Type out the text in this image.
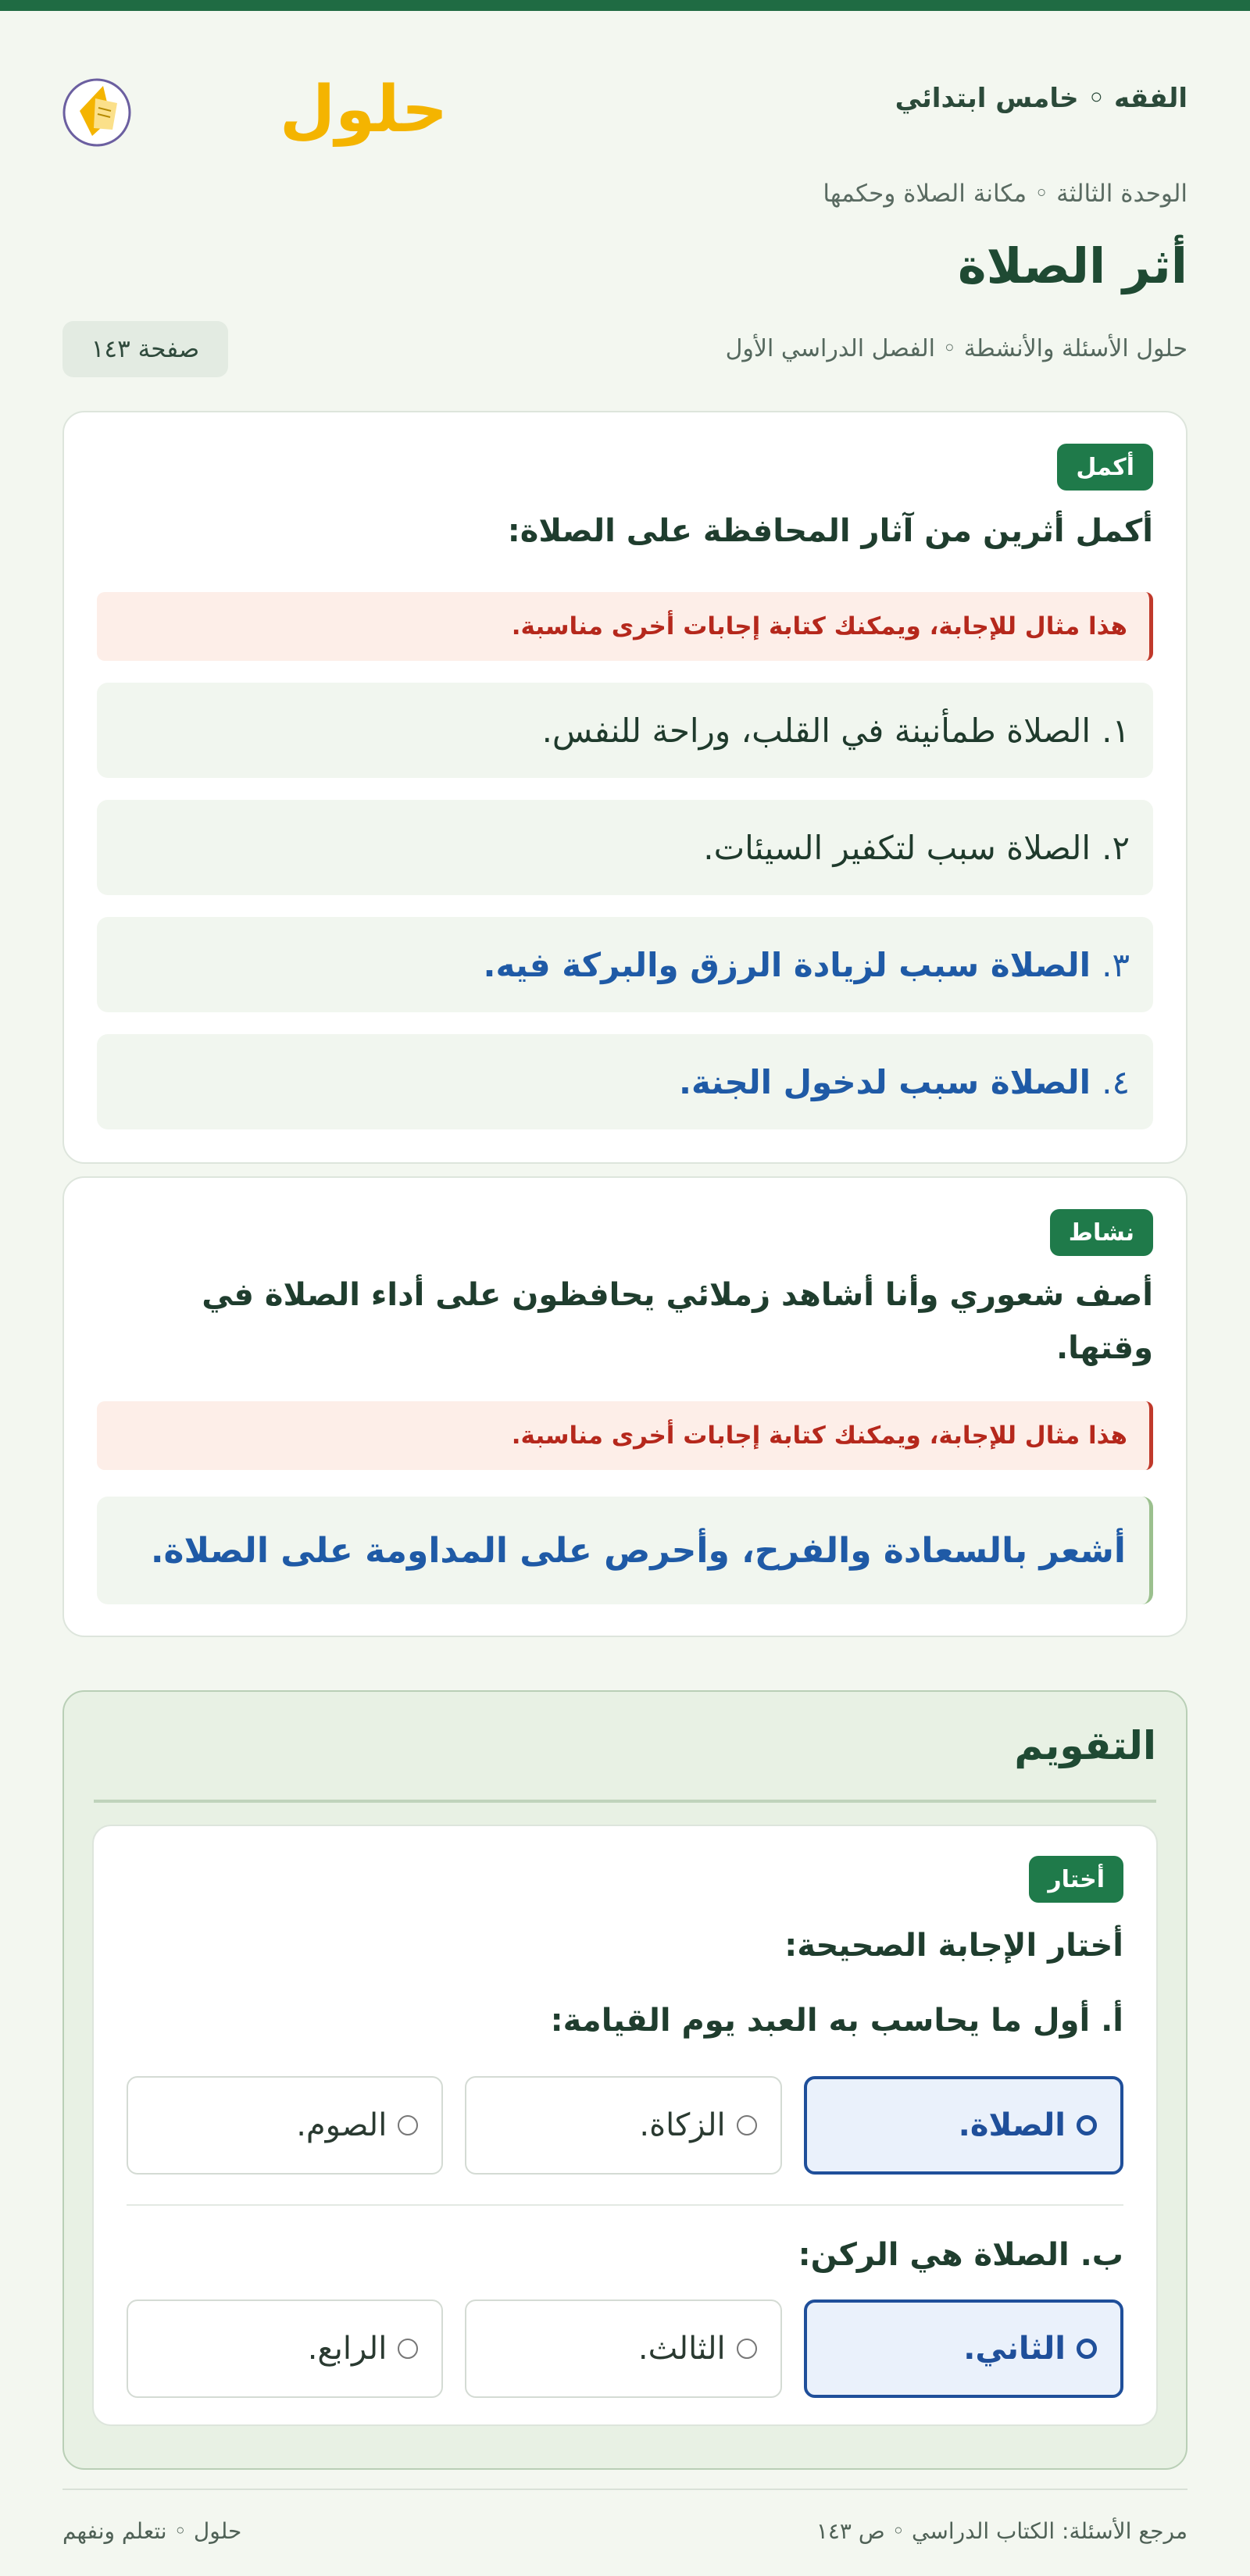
الفقه ◦ خامس ابتدائي
حلول
الوحدة الثالثة ◦ مكانة الصلاة وحكمها
أثر الصلاة
حلول الأسئلة والأنشطة ◦ الفصل الدراسي الأول
صفحة ١٤٣
أكمل
أكمل أثرين من آثار المحافظة على الصلاة:
هذا مثال للإجابة، ويمكنك كتابة إجابات أخرى مناسبة.
١.
الصلاة طمأنينة في القلب، وراحة للنفس.
٢.
الصلاة سبب لتكفير السيئات.
٣.
الصلاة سبب لزيادة الرزق والبركة فيه.
٤.
الصلاة سبب لدخول الجنة.
نشاط
أصف شعوري وأنا أشاهد زملائي يحافظون على أداء الصلاة في وقتها.
هذا مثال للإجابة، ويمكنك كتابة إجابات أخرى مناسبة.
أشعر بالسعادة والفرح، وأحرص على المداومة على الصلاة.
التقويم
أختار
أختار الإجابة الصحيحة:
أ. أول ما يحاسب به العبد يوم القيامة:
الصلاة.
الزكاة.
الصوم.
ب. الصلاة هي الركن:
الثاني.
الثالث.
الرابع.
مرجع الأسئلة: الكتاب الدراسي ◦ ص ١٤٣
حلول ◦ نتعلم ونفهم
